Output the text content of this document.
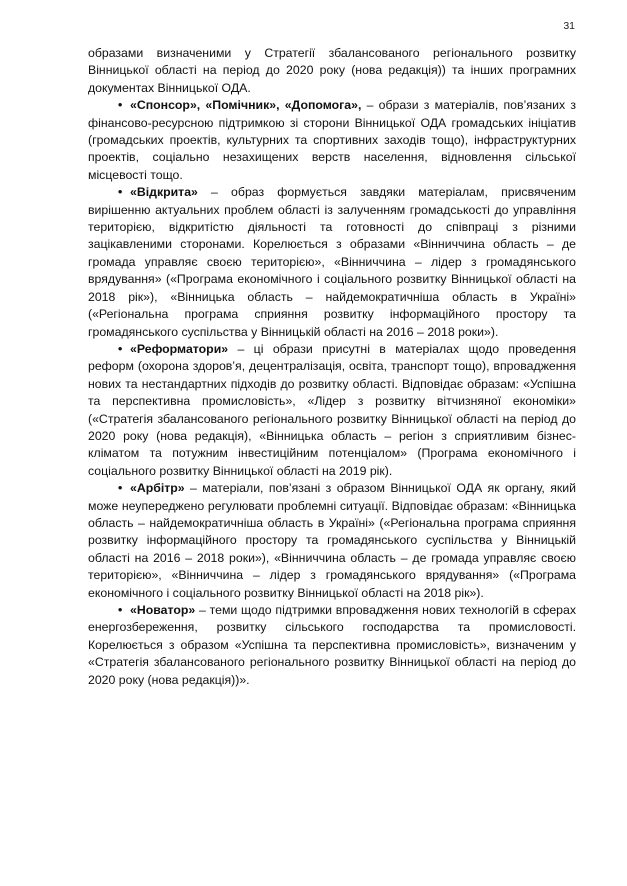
31

образами визначеними у Стратегії збалансованого регіонального розвитку Вінницької області на період до 2020 року (нова редакція)) та інших програмних документах Вінницької ОДА.

• «Спонсор», «Помічник», «Допомога», – образи з матеріалів, пов’язаних з фінансово-ресурсною підтримкою зі сторони Вінницької ОДА громадських ініціатив (громадських проектів, культурних та спортивних заходів тощо), інфраструктурних проектів, соціально незахищених верств населення, відновлення сільської місцевості тощо.

• «Відкрита» – образ формується завдяки матеріалам, присвяченим вирішенню актуальних проблем області із залученням громадськості до управління територією, відкритістю діяльності та готовності до співпраці з різними зацікавленими сторонами. Корелюється з образами «Вінниччина область – де громада управляє своєю територією», «Вінниччина – лідер з громадянського врядування» («Програма економічного і соціального розвитку Вінницької області на 2018 рік»), «Вінницька область – найдемократичніша область в Україні» («Регіональна програма сприяння розвитку інформаційного простору та громадянського суспільства у Вінницькій області на 2016 – 2018 роки»).

• «Реформатори» – ці образи присутні в матеріалах щодо проведення реформ (охорона здоров’я, децентралізація, освіта, транспорт тощо), впровадження нових та нестандартних підходів до розвитку області. Відповідає образам: «Успішна та перспективна промисловість», «Лідер з розвитку вітчизняної економіки» («Стратегія збалансованого регіонального розвитку Вінницької області на період до 2020 року (нова редакція), «Вінницька область – регіон з сприятливим бізнес-кліматом та потужним інвестиційним потенціалом» (Програма економічного і соціального розвитку Вінницької області на 2019 рік).

• «Арбітр» – матеріали, пов’язані з образом Вінницької ОДА як органу, який може неупереджено регулювати проблемні ситуації. Відповідає образам: «Вінницька область – найдемократичніша область в Україні» («Регіональна програма сприяння розвитку інформаційного простору та громадянського суспільства у Вінницькій області на 2016 – 2018 роки»), «Вінниччина область – де громада управляє своєю територією», «Вінниччина – лідер з громадянського врядування» («Програма економічного і соціального розвитку Вінницької області на 2018 рік»).

• «Новатор» – теми щодо підтримки впровадження нових технологій в сферах енергозбереження, розвитку сільського господарства та промисловості. Корелюється з образом «Успішна та перспективна промисловість», визначеним у «Стратегія збалансованого регіонального розвитку Вінницької області на період до 2020 року (нова редакція))».
